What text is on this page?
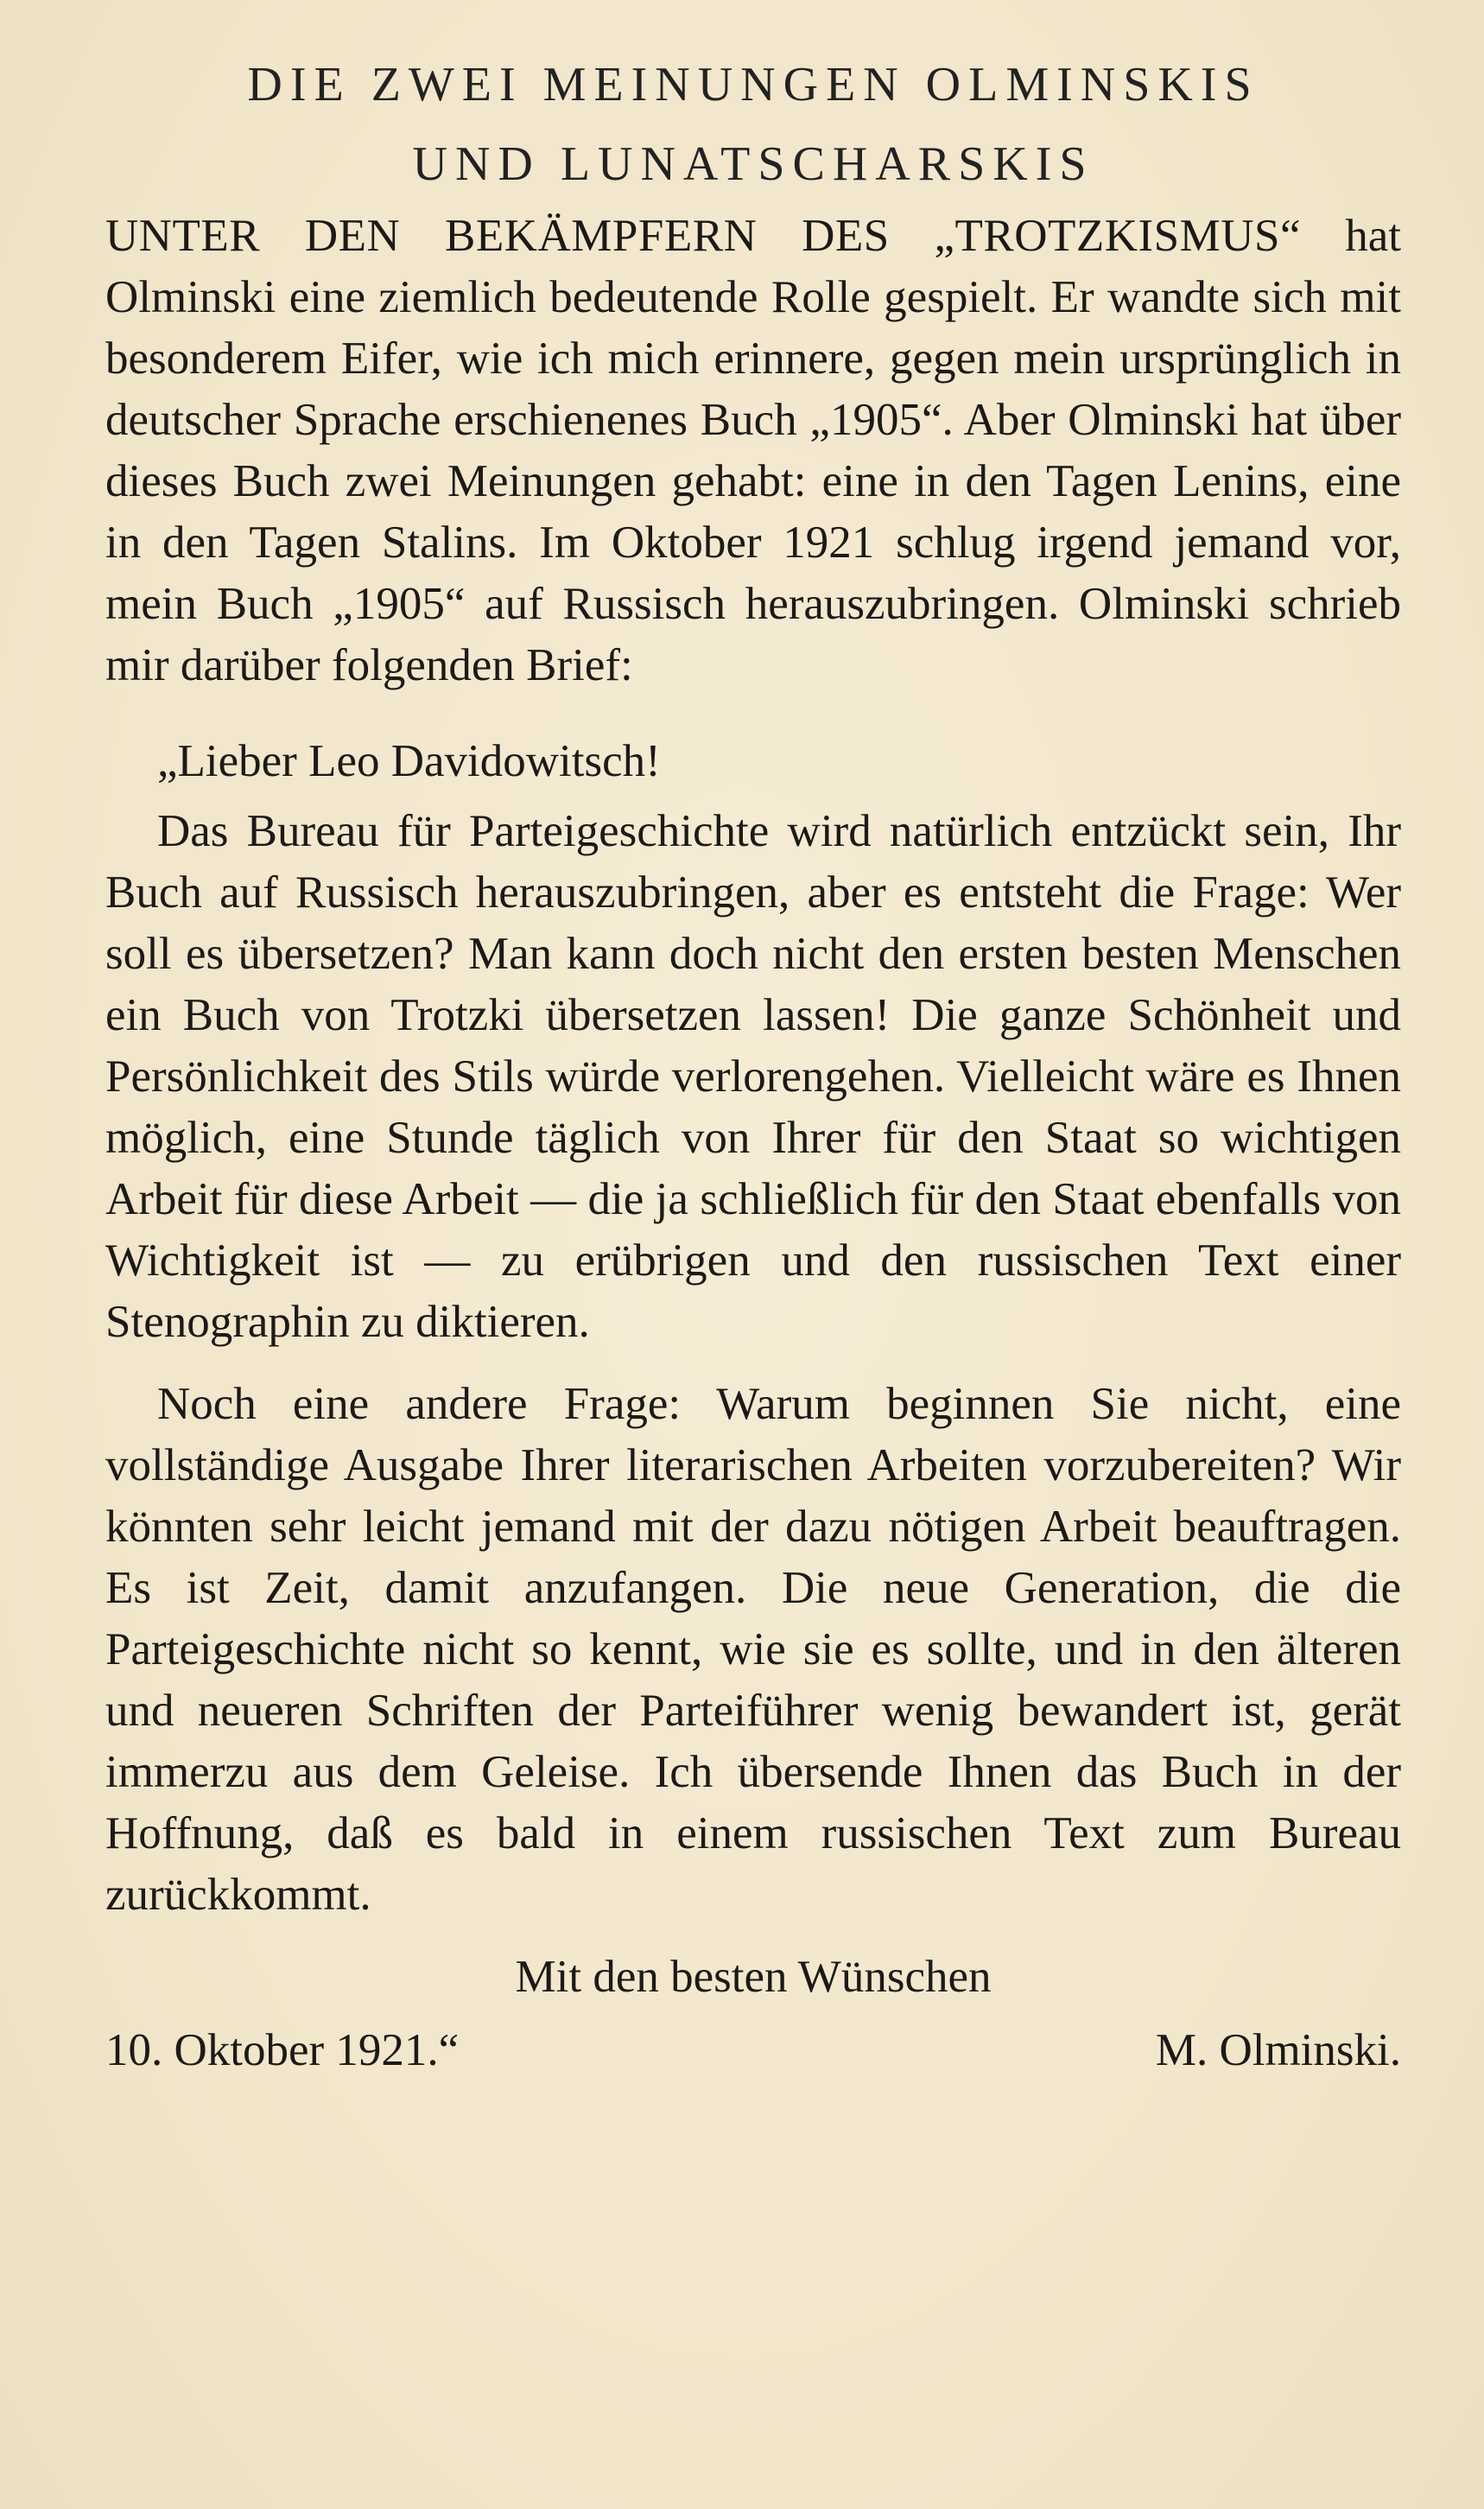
DIE ZWEI MEINUNGEN OLMINSKIS
UND LUNATSCHARSKIS

UNTER DEN BEKÄMPFERN DES „TROTZKISMUS“ hat Olminski eine ziemlich bedeutende Rolle gespielt. Er wandte sich mit besonderem Eifer, wie ich mich erinnere, gegen mein ursprünglich in deutscher Sprache erschienenes Buch „1905“. Aber Olminski hat über dieses Buch zwei Meinungen gehabt: eine in den Tagen Lenins, eine in den Tagen Stalins. Im Oktober 1921 schlug irgend jemand vor, mein Buch „1905“ auf Russisch herauszubringen. Olminski schrieb mir darüber folgenden Brief:

„Lieber Leo Davidowitsch!

Das Bureau für Parteigeschichte wird natürlich entzückt sein, Ihr Buch auf Russisch herauszubringen, aber es entsteht die Frage: Wer soll es übersetzen? Man kann doch nicht den ersten besten Menschen ein Buch von Trotzki übersetzen lassen! Die ganze Schönheit und Persönlichkeit des Stils würde verlorengehen. Vielleicht wäre es Ihnen möglich, eine Stunde täglich von Ihrer für den Staat so wichtigen Arbeit für diese Arbeit — die ja schließlich für den Staat ebenfalls von Wichtigkeit ist — zu erübrigen und den russischen Text einer Stenographin zu diktieren.

Noch eine andere Frage: Warum beginnen Sie nicht, eine vollständige Ausgabe Ihrer literarischen Arbeiten vorzubereiten? Wir könnten sehr leicht jemand mit der dazu nötigen Arbeit beauftragen. Es ist Zeit, damit anzufangen. Die neue Generation, die die Parteigeschichte nicht so kennt, wie sie es sollte, und in den älteren und neueren Schriften der Parteiführer wenig bewandert ist, gerät immerzu aus dem Geleise. Ich übersende Ihnen das Buch in der Hoffnung, daß es bald in einem russischen Text zum Bureau zurückkommt.

Mit den besten Wünschen
10. Oktober 1921.“	M. Olminski.
